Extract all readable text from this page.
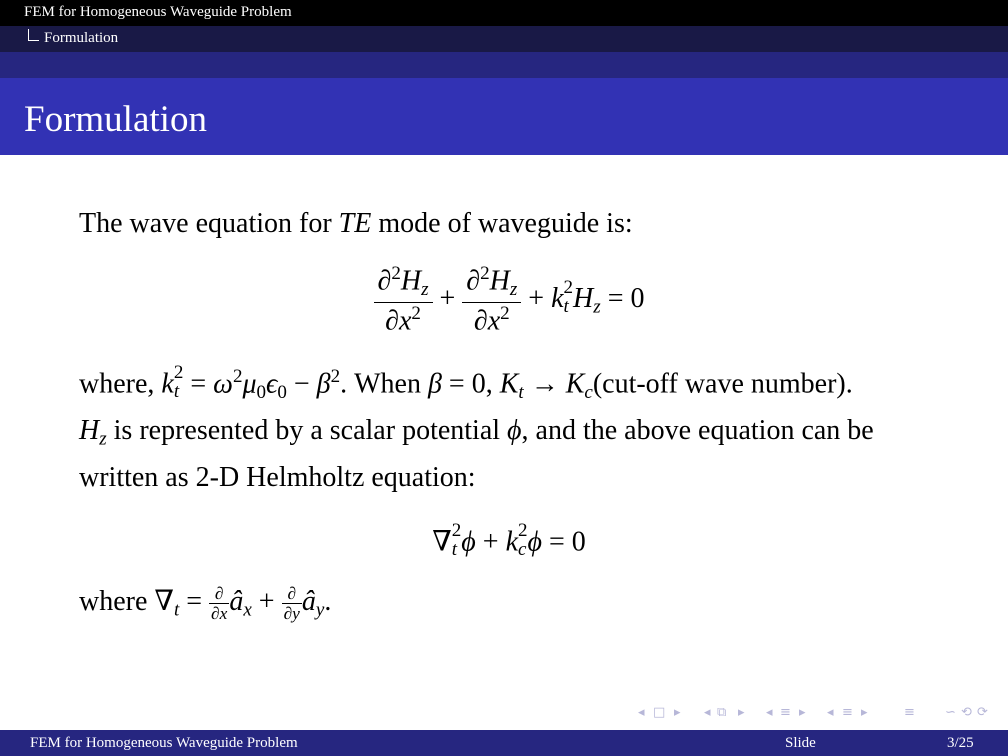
FEM for Homogeneous Waveguide Problem
Formulation
Formulation

The wave equation for TE mode of waveguide is:

$\frac{\partial^2H_z}{\partial x^2} + \frac{\partial^2H_z}{\partial x^2} + k$ 2
t $H_z = 0$

where, k 2
$t = \omega^2\mu_0\epsilon_0 - \beta^2$. When β = 0, $K_t \to K_c(cut-off$ wave number).

$H_z$ is represented by a scalar potential ϕ, and the above equation can be written as 2-D Helmholtz equation:

∇ 2
t ϕ + k 2
c ϕ = 0

where $\nabla_t = \frac{\partial}{\partial x}$ $â_x + \frac{\partial}{\partial y}$ $â_y$.

◂ □ ▸ ◂ ⧉ ▸ ◂ ≡ ▸ ◂ ≡ ▸	≡ ∽ ⟲ ⟳
FEM for Homogeneous Waveguide Problem	Slide	3/25
